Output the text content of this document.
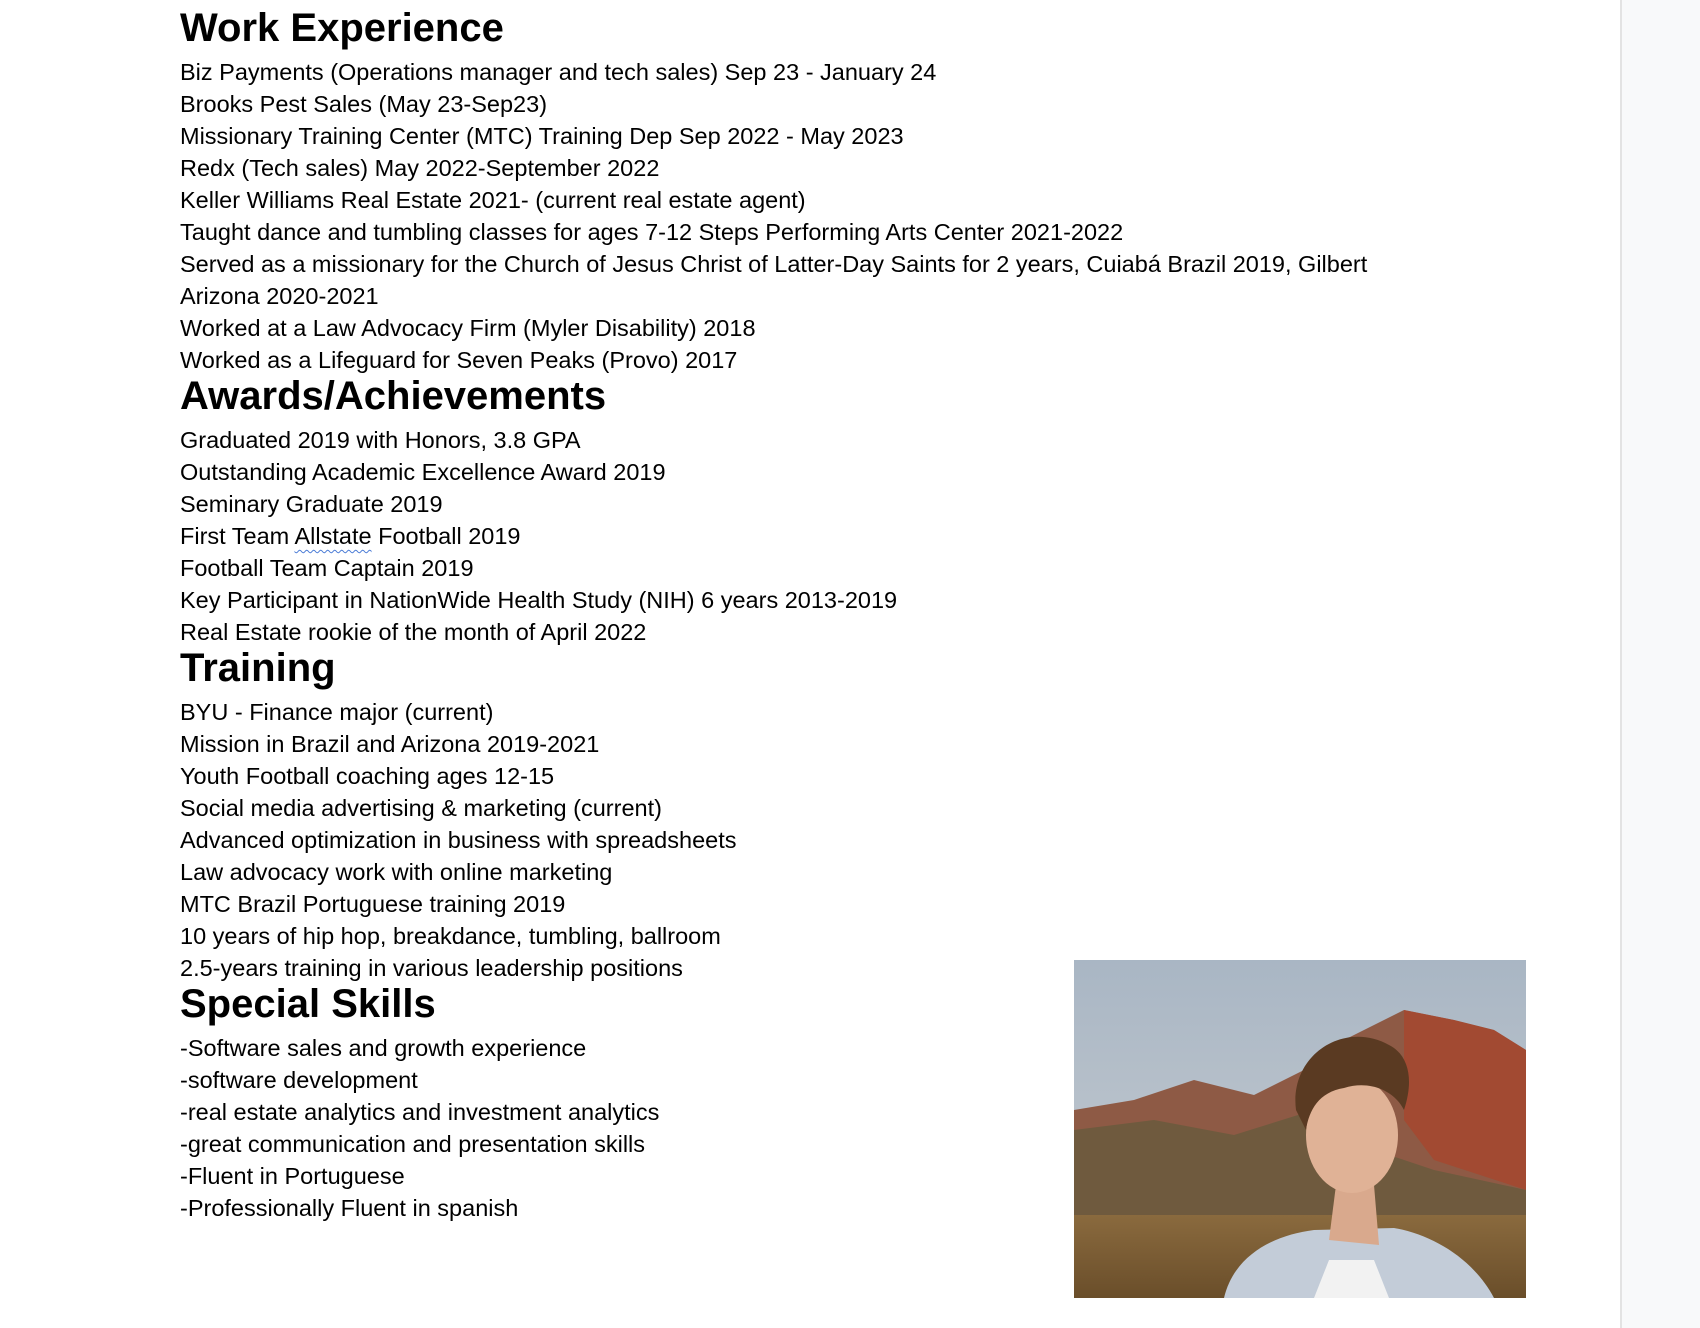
Work Experience

Biz Payments (Operations manager and tech sales) Sep 23 - January 24

Brooks Pest Sales (May 23-Sep23)

Missionary Training Center (MTC) Training Dep Sep 2022 - May 2023

Redx (Tech sales) May 2022-September 2022

Keller Williams Real Estate 2021- (current real estate agent)

Taught dance and tumbling classes for ages 7-12 Steps Performing Arts Center 2021-2022

Served as a missionary for the Church of Jesus Christ of Latter-Day Saints for 2 years, Cuiabá Brazil 2019, Gilbert Arizona 2020-2021

Worked at a Law Advocacy Firm (Myler Disability) 2018

Worked as a Lifeguard for Seven Peaks (Provo) 2017

Awards/Achievements

Graduated 2019 with Honors, 3.8 GPA

Outstanding Academic Excellence Award 2019

Seminary Graduate 2019

First Team Allstate Football 2019

Football Team Captain 2019

Key Participant in NationWide Health Study (NIH) 6 years 2013-2019

Real Estate rookie of the month of April 2022

Training

BYU - Finance major (current)

Mission in Brazil and Arizona 2019-2021

Youth Football coaching ages 12-15

Social media advertising & marketing (current)

Advanced optimization in business with spreadsheets

Law advocacy work with online marketing

MTC Brazil Portuguese training 2019

10 years of hip hop, breakdance, tumbling, ballroom

2.5-years training in various leadership positions

Special Skills

-Software sales and growth experience

-software development

-real estate analytics and investment analytics

-great communication and presentation skills

-Fluent in Portuguese

-Professionally Fluent in spanish
